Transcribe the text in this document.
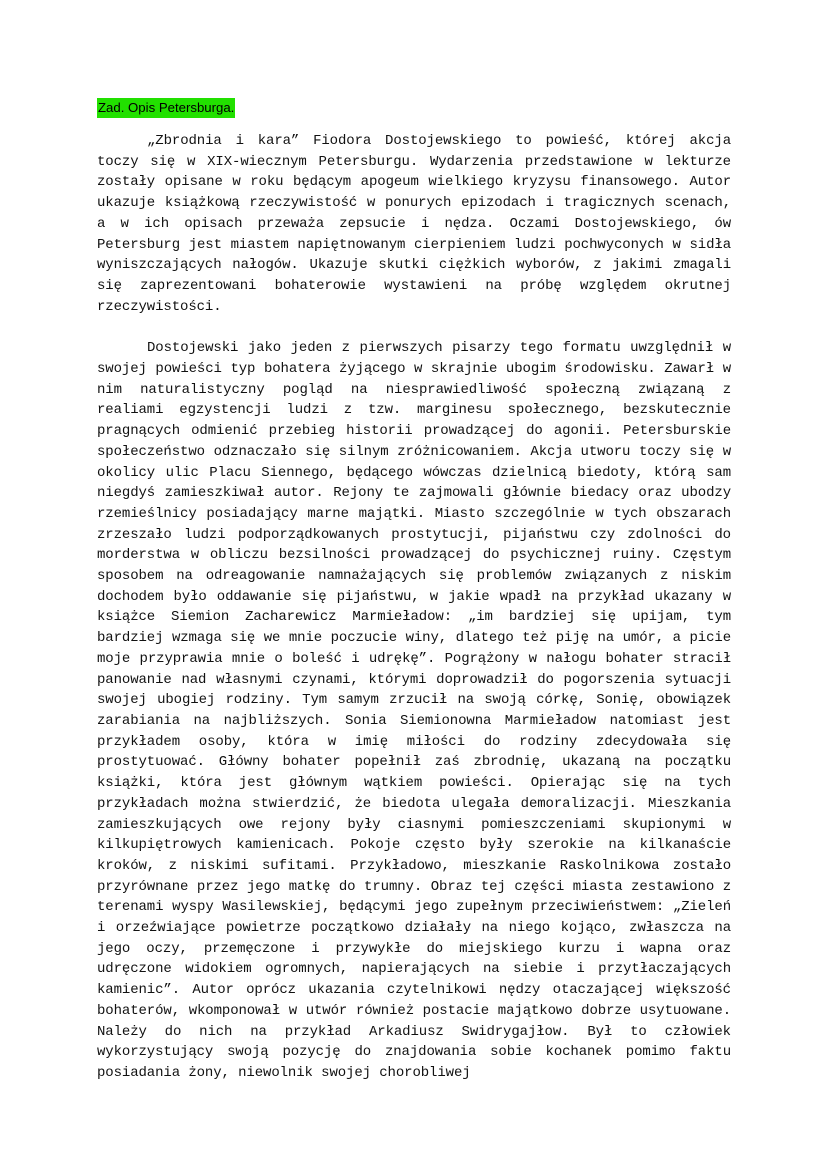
Zad. Opis Petersburga.

„Zbrodnia i kara” Fiodora Dostojewskiego to powieść, której akcja toczy się w XIX-wiecznym Petersburgu. Wydarzenia przedstawione w lekturze zostały opisane w roku będącym apogeum wielkiego kryzysu finansowego. Autor ukazuje książkową rzeczywistość w ponurych epizodach i tragicznych scenach, a w ich opisach przeważa zepsucie i nędza. Oczami Dostojewskiego, ów Petersburg jest miastem napiętnowanym cierpieniem ludzi pochwyconych w sidła wyniszczających nałogów. Ukazuje skutki ciężkich wyborów, z jakimi zmagali się zaprezentowani bohaterowie wystawieni na próbę względem okrutnej rzeczywistości.

Dostojewski jako jeden z pierwszych pisarzy tego formatu uwzględnił w swojej powieści typ bohatera żyjącego w skrajnie ubogim środowisku. Zawarł w nim naturalistyczny pogląd na niesprawiedliwość społeczną związaną z realiami egzystencji ludzi z tzw. marginesu społecznego, bezskutecznie pragnących odmienić przebieg historii prowadzącej do agonii. Petersburskie społeczeństwo odznaczało się silnym zróżnicowaniem. Akcja utworu toczy się w okolicy ulic Placu Siennego, będącego wówczas dzielnicą biedoty, którą sam niegdyś zamieszkiwał autor. Rejony te zajmowali głównie biedacy oraz ubodzy rzemieślnicy posiadający marne majątki. Miasto szczególnie w tych obszarach zrzeszało ludzi podporządkowanych prostytucji, pijaństwu czy zdolności do morderstwa w obliczu bezsilności prowadzącej do psychicznej ruiny. Częstym sposobem na odreagowanie namnażających się problemów związanych z niskim dochodem było oddawanie się pijaństwu, w jakie wpadł na przykład ukazany w książce Siemion Zacharewicz Marmieładow: „im bardziej się upijam, tym bardziej wzmaga się we mnie poczucie winy, dlatego też piję na umór, a picie moje przyprawia mnie o boleść i udrękę”. Pogrążony w nałogu bohater stracił panowanie nad własnymi czynami, którymi doprowadził do pogorszenia sytuacji swojej ubogiej rodziny. Tym samym zrzucił na swoją córkę, Sonię, obowiązek zarabiania na najbliższych. Sonia Siemionowna Marmieładow natomiast jest przykładem osoby, która w imię miłości do rodziny zdecydowała się prostytuować. Główny bohater popełnił zaś zbrodnię, ukazaną na początku książki, która jest głównym wątkiem powieści. Opierając się na tych przykładach można stwierdzić, że biedota ulegała demoralizacji. Mieszkania zamieszkujących owe rejony były ciasnymi pomieszczeniami skupionymi w kilkupiętrowych kamienicach. Pokoje często były szerokie na kilkanaście kroków, z niskimi sufitami. Przykładowo, mieszkanie Raskolnikowa zostało przyrównane przez jego matkę do trumny. Obraz tej części miasta zestawiono z terenami wyspy Wasilewskiej, będącymi jego zupełnym przeciwieństwem: „Zieleń i orzeźwiające powietrze początkowo działały na niego kojąco, zwłaszcza na jego oczy, przemęczone i przywykłe do miejskiego kurzu i wapna oraz udręczone widokiem ogromnych, napierających na siebie i przytłaczających kamienic”. Autor oprócz ukazania czytelnikowi nędzy otaczającej większość bohaterów, wkomponował w utwór również postacie majątkowo dobrze usytuowane. Należy do nich na przykład Arkadiusz Swidrygajłow. Był to człowiek wykorzystujący swoją pozycję do znajdowania sobie kochanek pomimo faktu posiadania żony, niewolnik swojej chorobliwej
